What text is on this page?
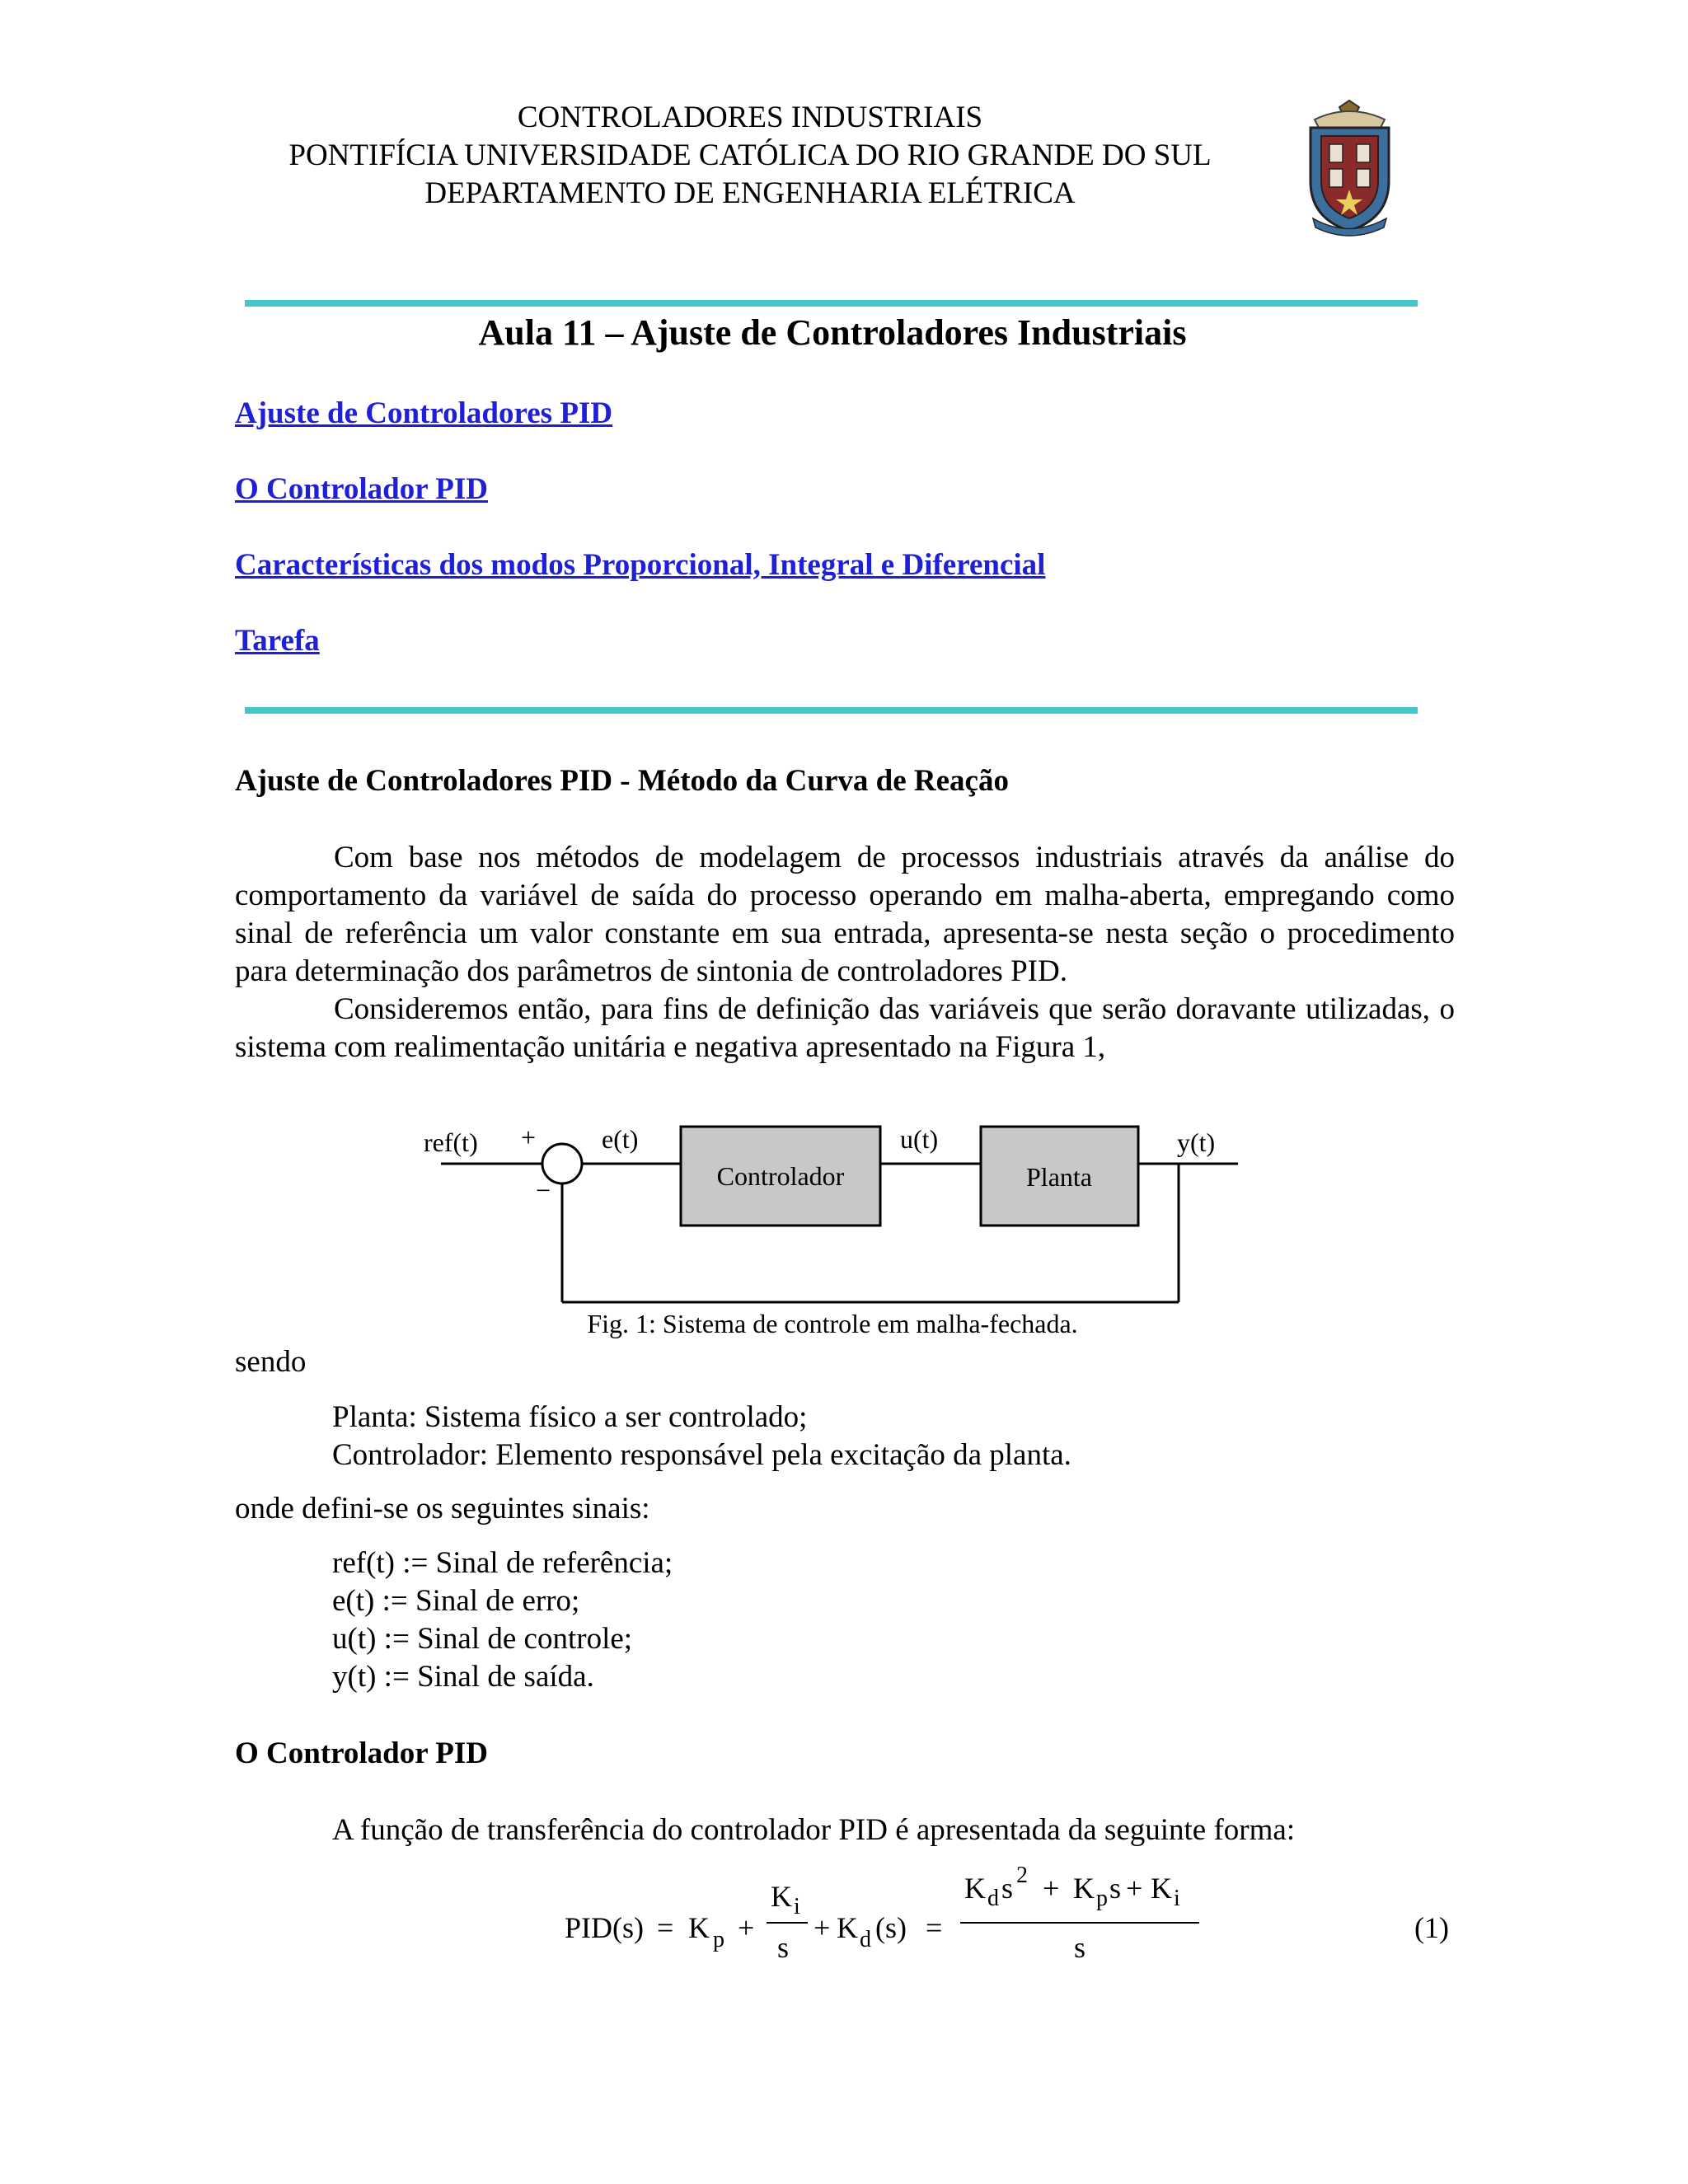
CONTROLADORES INDUSTRIAIS
PONTIFÍCIA UNIVERSIDADE CATÓLICA DO RIO GRANDE DO SUL
DEPARTAMENTO DE ENGENHARIA ELÉTRICA
Aula 11 – Ajuste de Controladores Industriais
Ajuste de Controladores PID
O Controlador PID
Características dos modos Proporcional, Integral e Diferencial
Tarefa
Ajuste de Controladores PID - Método da Curva de Reação
Com base nos métodos de modelagem de processos industriais através da análise do comportamento da variável de saída do processo operando em malha-aberta, empregando como sinal de referência um valor constante em sua entrada, apresenta-se nesta seção o procedimento para determinação dos parâmetros de sintonia de controladores PID.
Consideremos então, para fins de definição das variáveis que serão doravante utilizadas, o sistema com realimentação unitária e negativa apresentado na Figura 1,
ref(t) +
−
e(t)
Controlador
u(t)
Planta
y(t)
Fig. 1: Sistema de controle em malha-fechada.
sendo
Planta: Sistema físico a ser controlado;
Controlador: Elemento responsável pela excitação da planta.
onde defini-se os seguintes sinais:
ref(t) := Sinal de referência;
e(t) := Sinal de erro;
u(t) := Sinal de controle;
y(t) := Sinal de saída.
O Controlador PID
A função de transferência do controlador PID é apresentada da seguinte forma:
PID(s) = K p +
K i
s
+ K d (s) =
K d s 2 + K p s + K i
s
(1)
